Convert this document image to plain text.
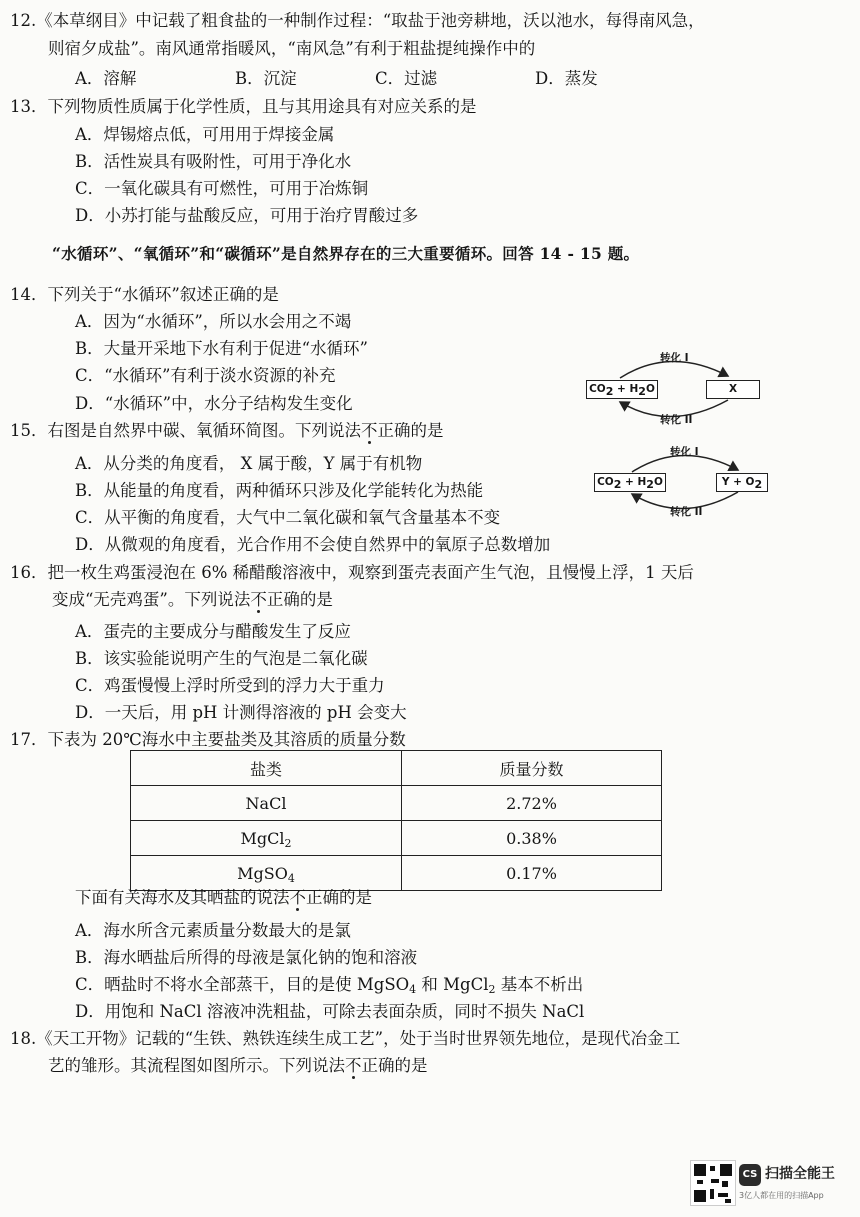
12.《本草纲目》中记载了粗食盐的一种制作过程：“取盐于池旁耕地，沃以池水，每得南风急，
则宿夕成盐”。南风通常指暖风，“南风急”有利于粗盐提纯操作中的
A．溶解	B．沉淀	C．过滤	D．蒸发
13．下列物质性质属于化学性质，且与其用途具有对应关系的是
A．焊锡熔点低，可用用于焊接金属
B．活性炭具有吸附性，可用于净化水
C．一氧化碳具有可燃性，可用于冶炼铜
D．小苏打能与盐酸反应，可用于治疗胃酸过多
“水循环”、“氧循环”和“碳循环”是自然界存在的三大重要循环。回答 14 - 15 题。
14．下列关于“水循环”叙述正确的是
A．因为“水循环”，所以水会用之不竭
B．大量开采地下水有利于促进“水循环”
C．“水循环”有利于淡水资源的补充
D．“水循环”中，水分子结构发生变化
转化 I
转化 II
$CO_2 + H_2O$	X
15．右图是自然界中碳、氧循环简图。下列说法不正确的是
A．从分类的角度看， X 属于酸，Y 属于有机物
B．从能量的角度看，两种循环只涉及化学能转化为热能
C．从平衡的角度看，大气中二氧化碳和氧气含量基本不变
D．从微观的角度看，光合作用不会使自然界中的氧原子总数增加
转化 I
转化 II
$CO_2 + H_2O$	$Y + O_2$
16．把一枚生鸡蛋浸泡在 6% 稀醋酸溶液中，观察到蛋壳表面产生气泡，且慢慢上浮，1 天后
变成“无壳鸡蛋”。下列说法不正确的是
A．蛋壳的主要成分与醋酸发生了反应
B．该实验能说明产生的气泡是二氧化碳
C．鸡蛋慢慢上浮时所受到的浮力大于重力
D．一天后，用 pH 计测得溶液的 pH 会变大
17．下表为 20℃海水中主要盐类及其溶质的质量分数
盐类	质量分数
NaCl	2.72%
MgCl$_2$	0.38%
MgSO$_4$	0.17%
下面有关海水及其晒盐的说法不正确的是
A．海水所含元素质量分数最大的是氯
B．海水晒盐后所得的母液是氯化钠的饱和溶液
C．晒盐时不将水全部蒸干，目的是使 MgSO$_4$ 和 MgCl$_2$ 基本不析出
D．用饱和 NaCl 溶液冲洗粗盐，可除去表面杂质，同时不损失 NaCl
18.《天工开物》记载的“生铁、熟铁连续生成工艺”，处于当时世界领先地位，是现代冶金工
艺的雏形。其流程图如图所示。下列说法不正确的是
CS 扫描全能王
3亿人都在用的扫描App
